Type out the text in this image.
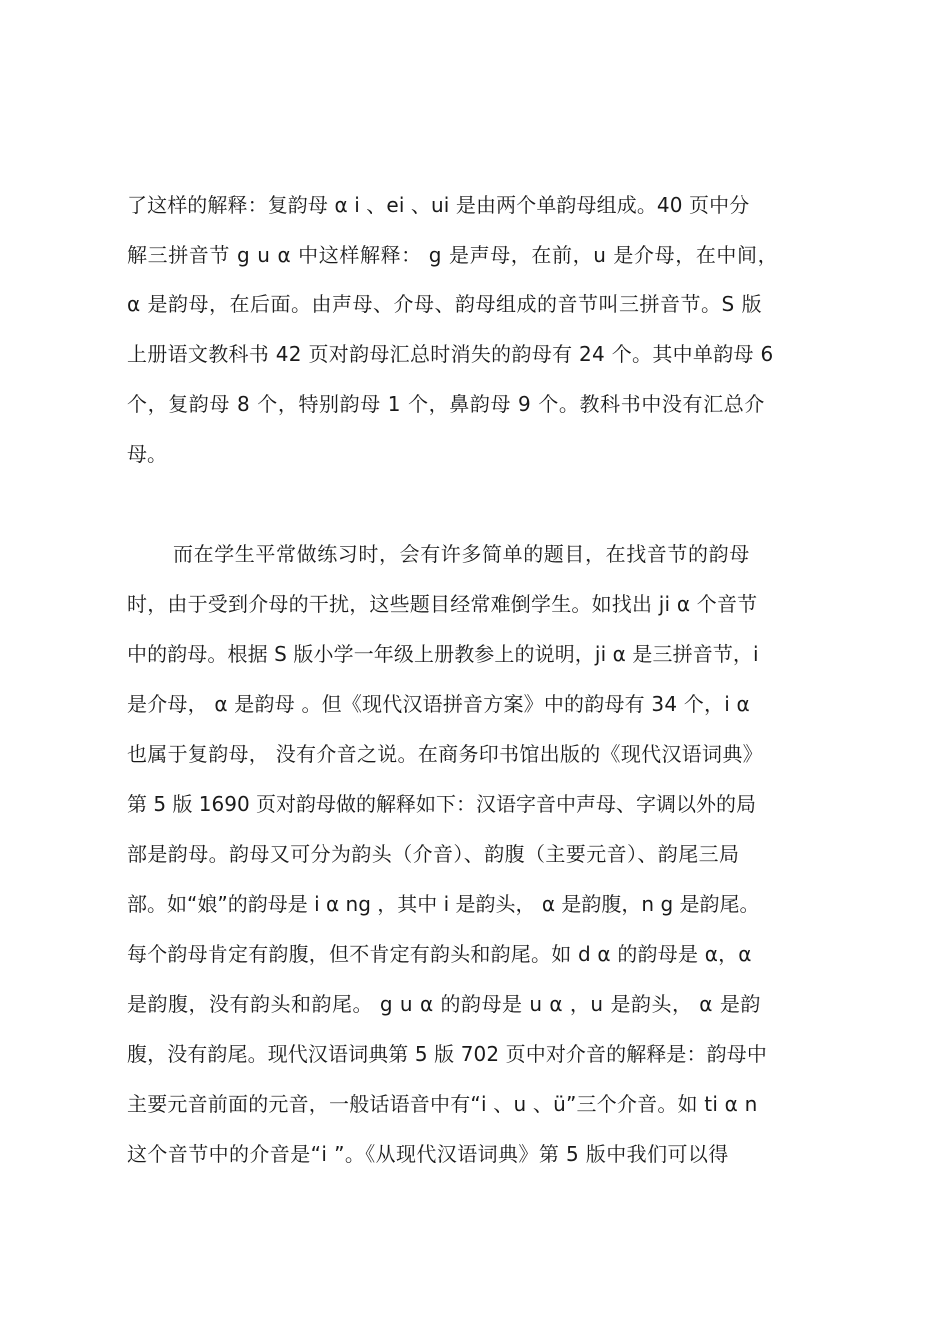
了这样的解释：复韵母 α i 、ei 、ui 是由两个单韵母组成。40 页中分
解三拼音节 g u α 中这样解释： g 是声母，在前，u 是介母，在中间，
α 是韵母，在后面。由声母、介母、韵母组成的音节叫三拼音节。S 版
上册语文教科书 42 页对韵母汇总时消失的韵母有 24 个。其中单韵母 6
个，复韵母 8 个，特别韵母 1 个，鼻韵母 9 个。教科书中没有汇总介
母。
而在学生平常做练习时，会有许多简单的题目，在找音节的韵母
时，由于受到介母的干扰，这些题目经常难倒学生。如找出 ji α 个音节
中的韵母。根据 S 版小学一年级上册教参上的说明，ji α 是三拼音节，i
是介母， α 是韵母 。但《现代汉语拼音方案》中的韵母有 34 个，i α
也属于复韵母， 没有介音之说。在商务印书馆出版的《现代汉语词典》
第 5 版 1690 页对韵母做的解释如下：汉语字音中声母、字调以外的局
部是韵母。韵母又可分为韵头（介音）、韵腹（主要元音）、韵尾三局
部。如“娘”的韵母是 i α ng ，其中 i 是韵头， α 是韵腹，n g 是韵尾。
每个韵母肯定有韵腹，但不肯定有韵头和韵尾。如 d α 的韵母是 α，α
是韵腹，没有韵头和韵尾。 g u α 的韵母是 u α ，u 是韵头， α 是韵
腹，没有韵尾。现代汉语词典第 5 版 702 页中对介音的解释是：韵母中
主要元音前面的元音，一般话语音中有“i 、u 、ü”三个介音。如 ti α n
这个音节中的介音是“i ”。《从现代汉语词典》第 5 版中我们可以得
